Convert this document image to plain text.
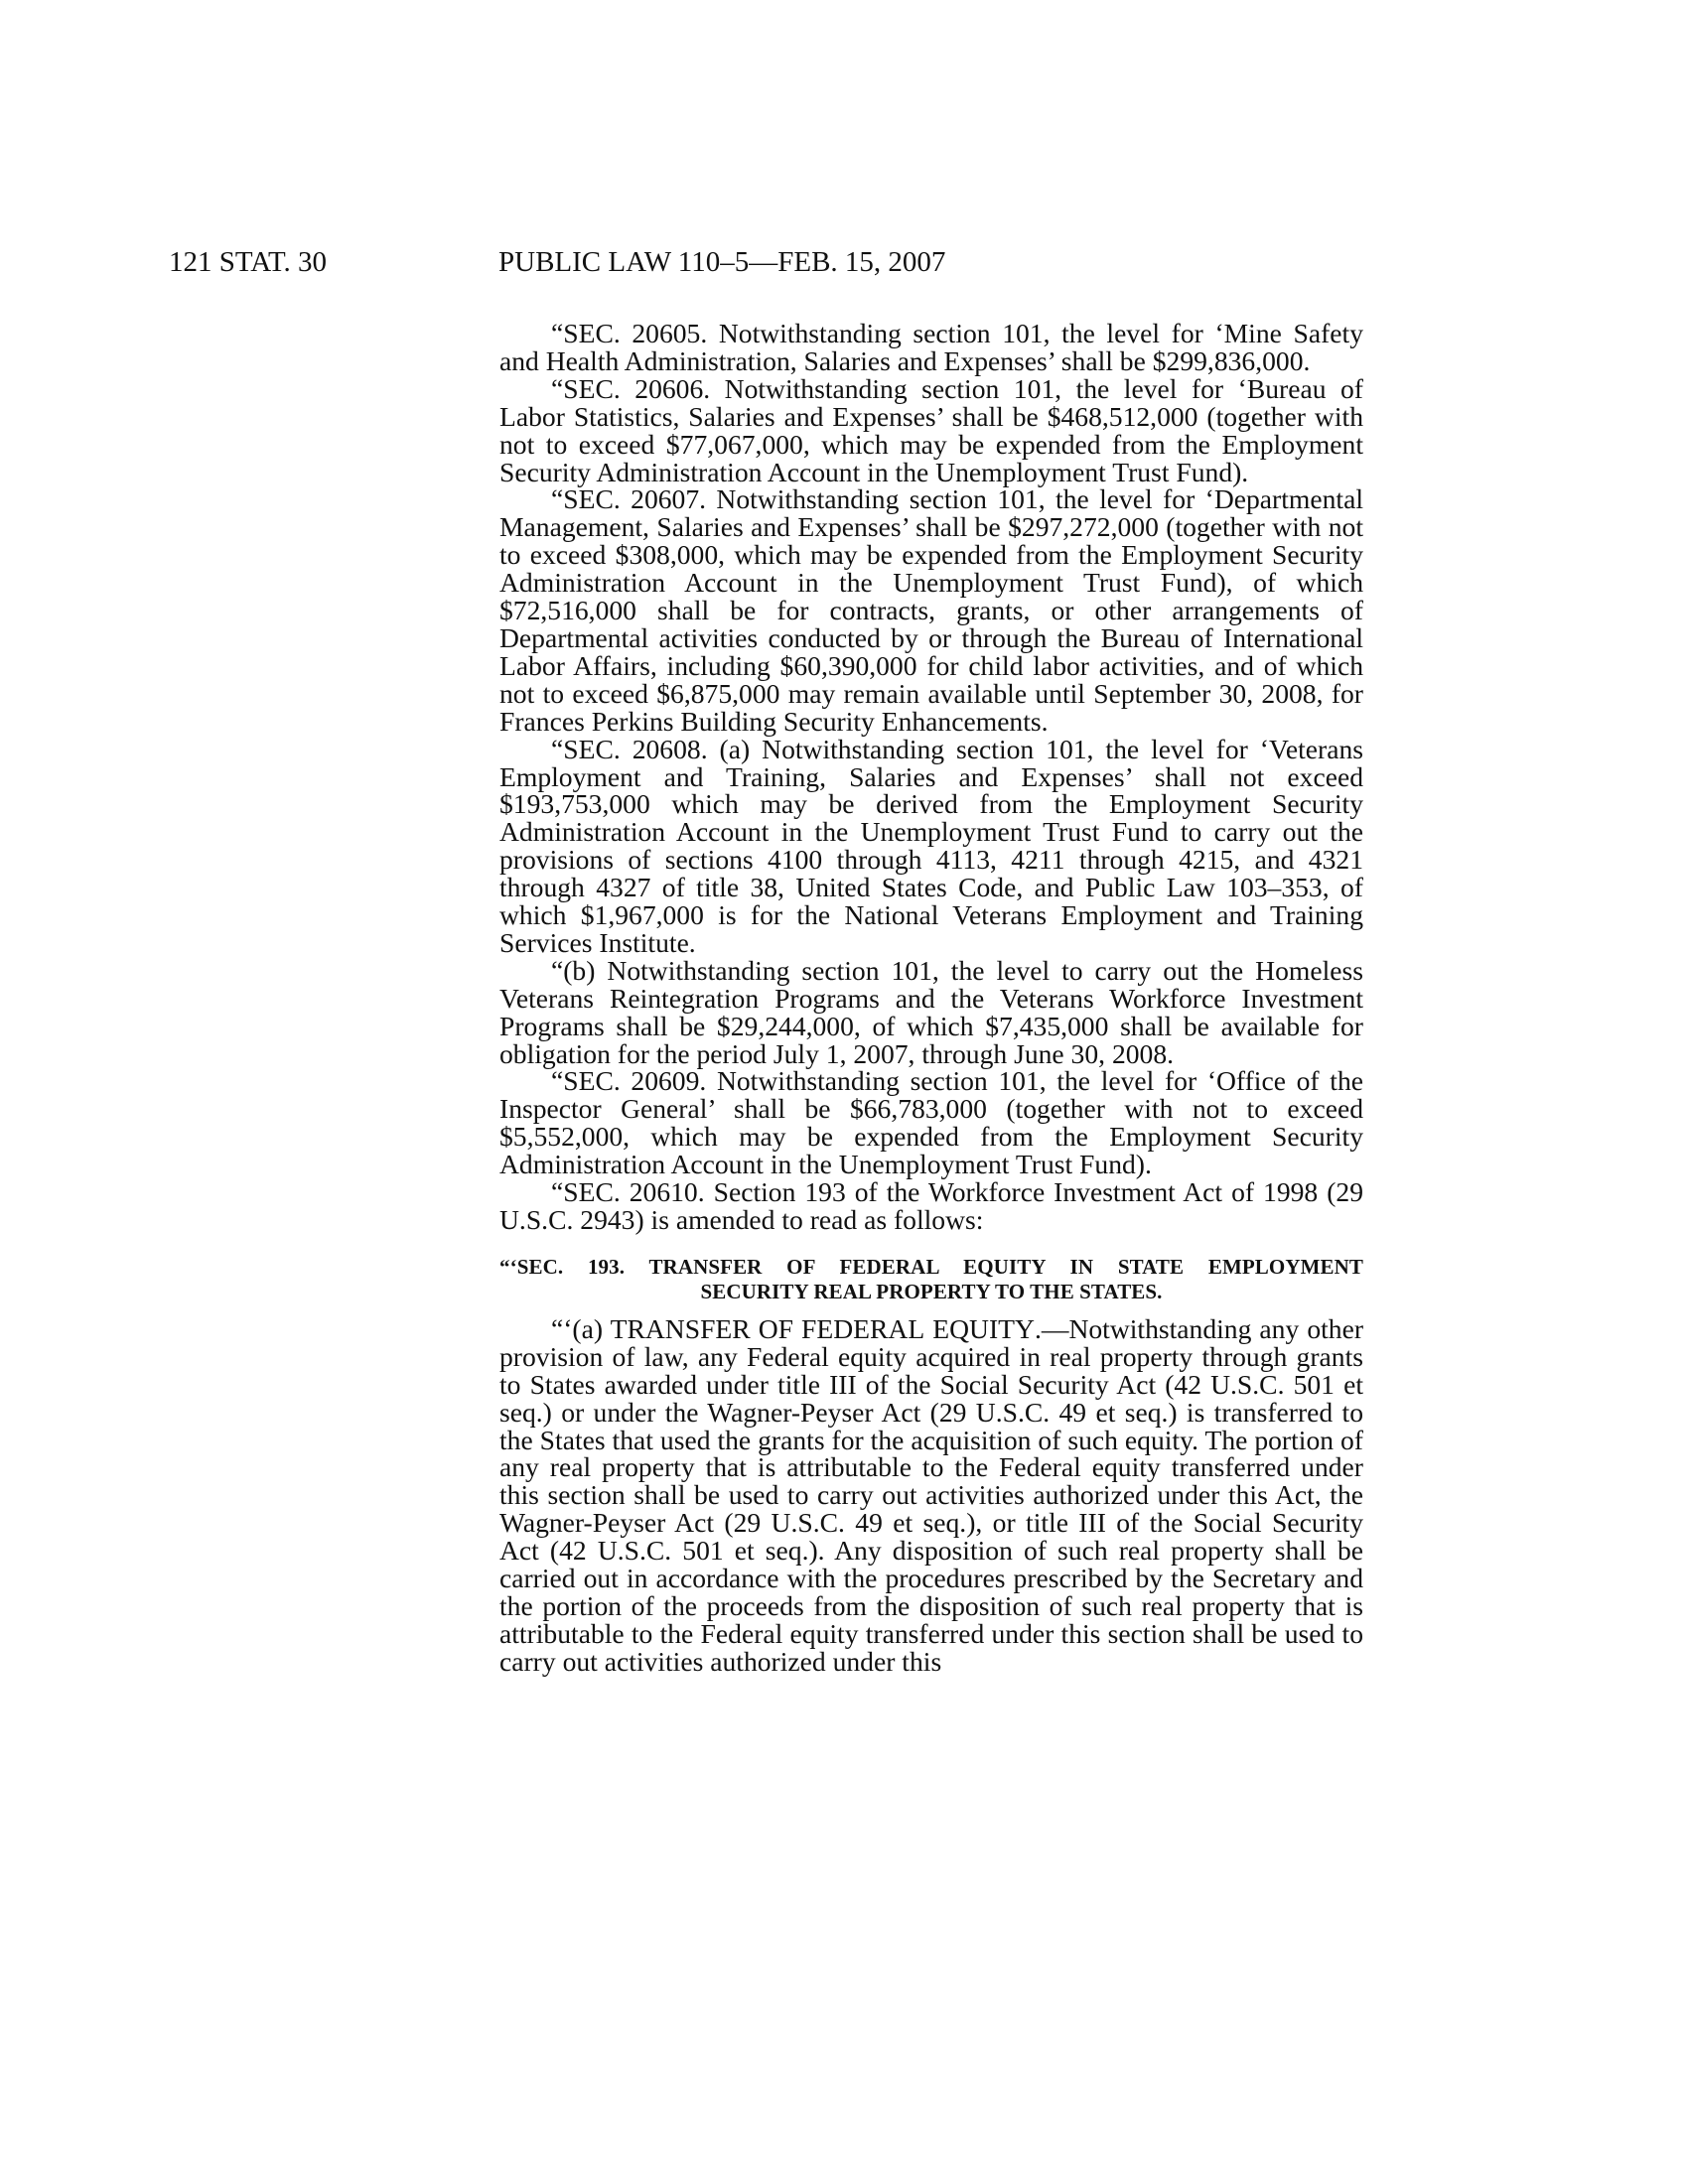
121 STAT. 30	PUBLIC LAW 110–5—FEB. 15, 2007

“SEC. 20605. Notwithstanding section 101, the level for ‘Mine Safety and Health Administration, Salaries and Expenses’ shall be $299,836,000.

“SEC. 20606. Notwithstanding section 101, the level for ‘Bureau of Labor Statistics, Salaries and Expenses’ shall be $468,512,000 (together with not to exceed $77,067,000, which may be expended from the Employment Security Administration Account in the Unemployment Trust Fund).

“SEC. 20607. Notwithstanding section 101, the level for ‘Departmental Management, Salaries and Expenses’ shall be $297,272,000 (together with not to exceed $308,000, which may be expended from the Employment Security Administration Account in the Unemployment Trust Fund), of which $72,516,000 shall be for contracts, grants, or other arrangements of Departmental activities conducted by or through the Bureau of International Labor Affairs, including $60,390,000 for child labor activities, and of which not to exceed $6,875,000 may remain available until September 30, 2008, for Frances Perkins Building Security Enhancements.

“SEC. 20608. (a) Notwithstanding section 101, the level for ‘Veterans Employment and Training, Salaries and Expenses’ shall not exceed $193,753,000 which may be derived from the Employment Security Administration Account in the Unemployment Trust Fund to carry out the provisions of sections 4100 through 4113, 4211 through 4215, and 4321 through 4327 of title 38, United States Code, and Public Law 103–353, of which $1,967,000 is for the National Veterans Employment and Training Services Institute.

“(b) Notwithstanding section 101, the level to carry out the Homeless Veterans Reintegration Programs and the Veterans Workforce Investment Programs shall be $29,244,000, of which $7,435,000 shall be available for obligation for the period July 1, 2007, through June 30, 2008.

“SEC. 20609. Notwithstanding section 101, the level for ‘Office of the Inspector General’ shall be $66,783,000 (together with not to exceed $5,552,000, which may be expended from the Employment Security Administration Account in the Unemployment Trust Fund).

“SEC. 20610. Section 193 of the Workforce Investment Act of 1998 (29 U.S.C. 2943) is amended to read as follows:

“‘SEC. 193. TRANSFER OF FEDERAL EQUITY IN STATE EMPLOYMENT
SECURITY REAL PROPERTY TO THE STATES.

“‘(a) TRANSFER OF FEDERAL EQUITY.—Notwithstanding any other provision of law, any Federal equity acquired in real property through grants to States awarded under title III of the Social Security Act (42 U.S.C. 501 et seq.) or under the Wagner-Peyser Act (29 U.S.C. 49 et seq.) is transferred to the States that used the grants for the acquisition of such equity. The portion of any real property that is attributable to the Federal equity transferred under this section shall be used to carry out activities authorized under this Act, the Wagner-Peyser Act (29 U.S.C. 49 et seq.), or title III of the Social Security Act (42 U.S.C. 501 et seq.). Any disposition of such real property shall be carried out in accordance with the procedures prescribed by the Secretary and the portion of the proceeds from the disposition of such real property that is attributable to the Federal equity transferred under this section shall be used to carry out activities authorized under this
